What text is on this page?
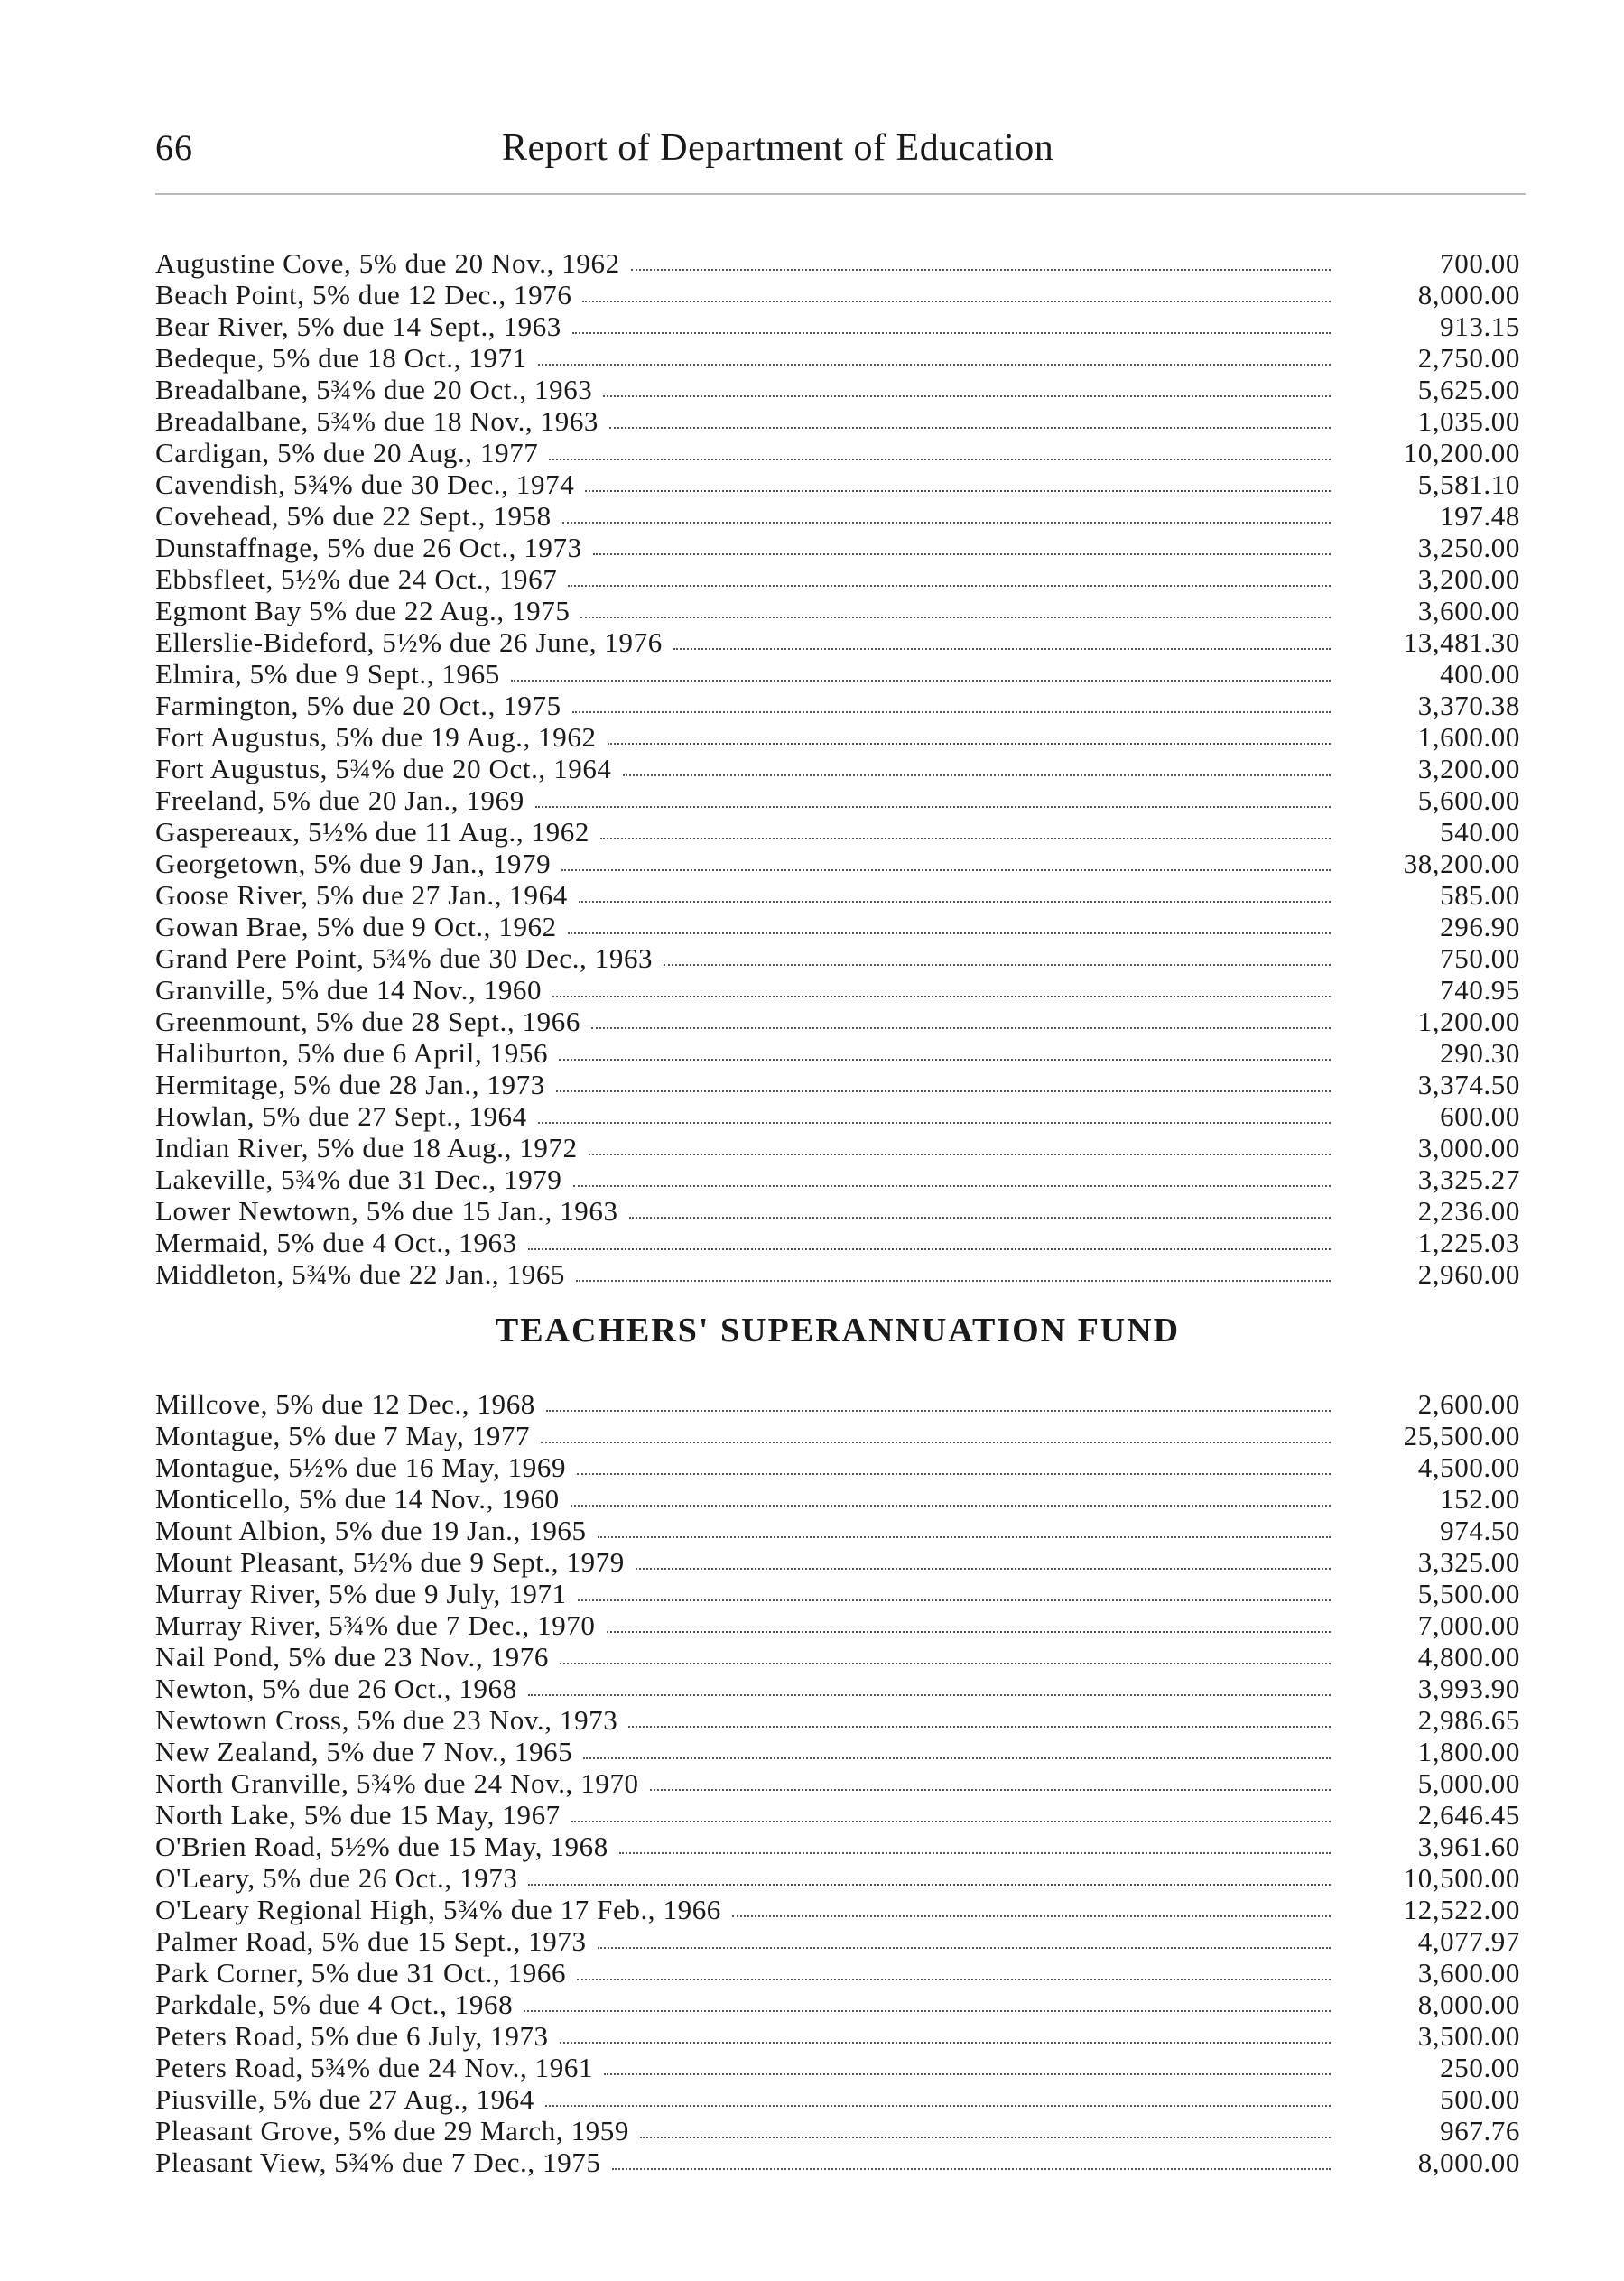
66	Report of Department of Education
Augustine Cove, 5% due 20 Nov., 1962	700.00
Beach Point, 5% due 12 Dec., 1976	8,000.00
Bear River, 5% due 14 Sept., 1963	913.15
Bedeque, 5% due 18 Oct., 1971	2,750.00
Breadalbane, 5¾% due 20 Oct., 1963	5,625.00
Breadalbane, 5¾% due 18 Nov., 1963	1,035.00
Cardigan, 5% due 20 Aug., 1977	10,200.00
Cavendish, 5¾% due 30 Dec., 1974	5,581.10
Covehead, 5% due 22 Sept., 1958	197.48
Dunstaffnage, 5% due 26 Oct., 1973	3,250.00
Ebbsfleet, 5½% due 24 Oct., 1967	3,200.00
Egmont Bay 5% due 22 Aug., 1975	3,600.00
Ellerslie-Bideford, 5½% due 26 June, 1976	13,481.30
Elmira, 5% due 9 Sept., 1965	400.00
Farmington, 5% due 20 Oct., 1975	3,370.38
Fort Augustus, 5% due 19 Aug., 1962	1,600.00
Fort Augustus, 5¾% due 20 Oct., 1964	3,200.00
Freeland, 5% due 20 Jan., 1969	5,600.00
Gaspereaux, 5½% due 11 Aug., 1962	540.00
Georgetown, 5% due 9 Jan., 1979	38,200.00
Goose River, 5% due 27 Jan., 1964	585.00
Gowan Brae, 5% due 9 Oct., 1962	296.90
Grand Pere Point, 5¾% due 30 Dec., 1963	750.00
Granville, 5% due 14 Nov., 1960	740.95
Greenmount, 5% due 28 Sept., 1966	1,200.00
Haliburton, 5% due 6 April, 1956	290.30
Hermitage, 5% due 28 Jan., 1973	3,374.50
Howlan, 5% due 27 Sept., 1964	600.00
Indian River, 5% due 18 Aug., 1972	3,000.00
Lakeville, 5¾% due 31 Dec., 1979	3,325.27
Lower Newtown, 5% due 15 Jan., 1963	2,236.00
Mermaid, 5% due 4 Oct., 1963	1,225.03
Middleton, 5¾% due 22 Jan., 1965	2,960.00
TEACHERS' SUPERANNUATION FUND
Millcove, 5% due 12 Dec., 1968	2,600.00
Montague, 5% due 7 May, 1977	25,500.00
Montague, 5½% due 16 May, 1969	4,500.00
Monticello, 5% due 14 Nov., 1960	152.00
Mount Albion, 5% due 19 Jan., 1965	974.50
Mount Pleasant, 5½% due 9 Sept., 1979	3,325.00
Murray River, 5% due 9 July, 1971	5,500.00
Murray River, 5¾% due 7 Dec., 1970	7,000.00
Nail Pond, 5% due 23 Nov., 1976	4,800.00
Newton, 5% due 26 Oct., 1968	3,993.90
Newtown Cross, 5% due 23 Nov., 1973	2,986.65
New Zealand, 5% due 7 Nov., 1965	1,800.00
North Granville, 5¾% due 24 Nov., 1970	5,000.00
North Lake, 5% due 15 May, 1967	2,646.45
O'Brien Road, 5½% due 15 May, 1968	3,961.60
O'Leary, 5% due 26 Oct., 1973	10,500.00
O'Leary Regional High, 5¾% due 17 Feb., 1966	12,522.00
Palmer Road, 5% due 15 Sept., 1973	4,077.97
Park Corner, 5% due 31 Oct., 1966	3,600.00
Parkdale, 5% due 4 Oct., 1968	8,000.00
Peters Road, 5% due 6 July, 1973	3,500.00
Peters Road, 5¾% due 24 Nov., 1961	250.00
Piusville, 5% due 27 Aug., 1964	500.00
Pleasant Grove, 5% due 29 March, 1959	967.76
Pleasant View, 5¾% due 7 Dec., 1975	8,000.00
